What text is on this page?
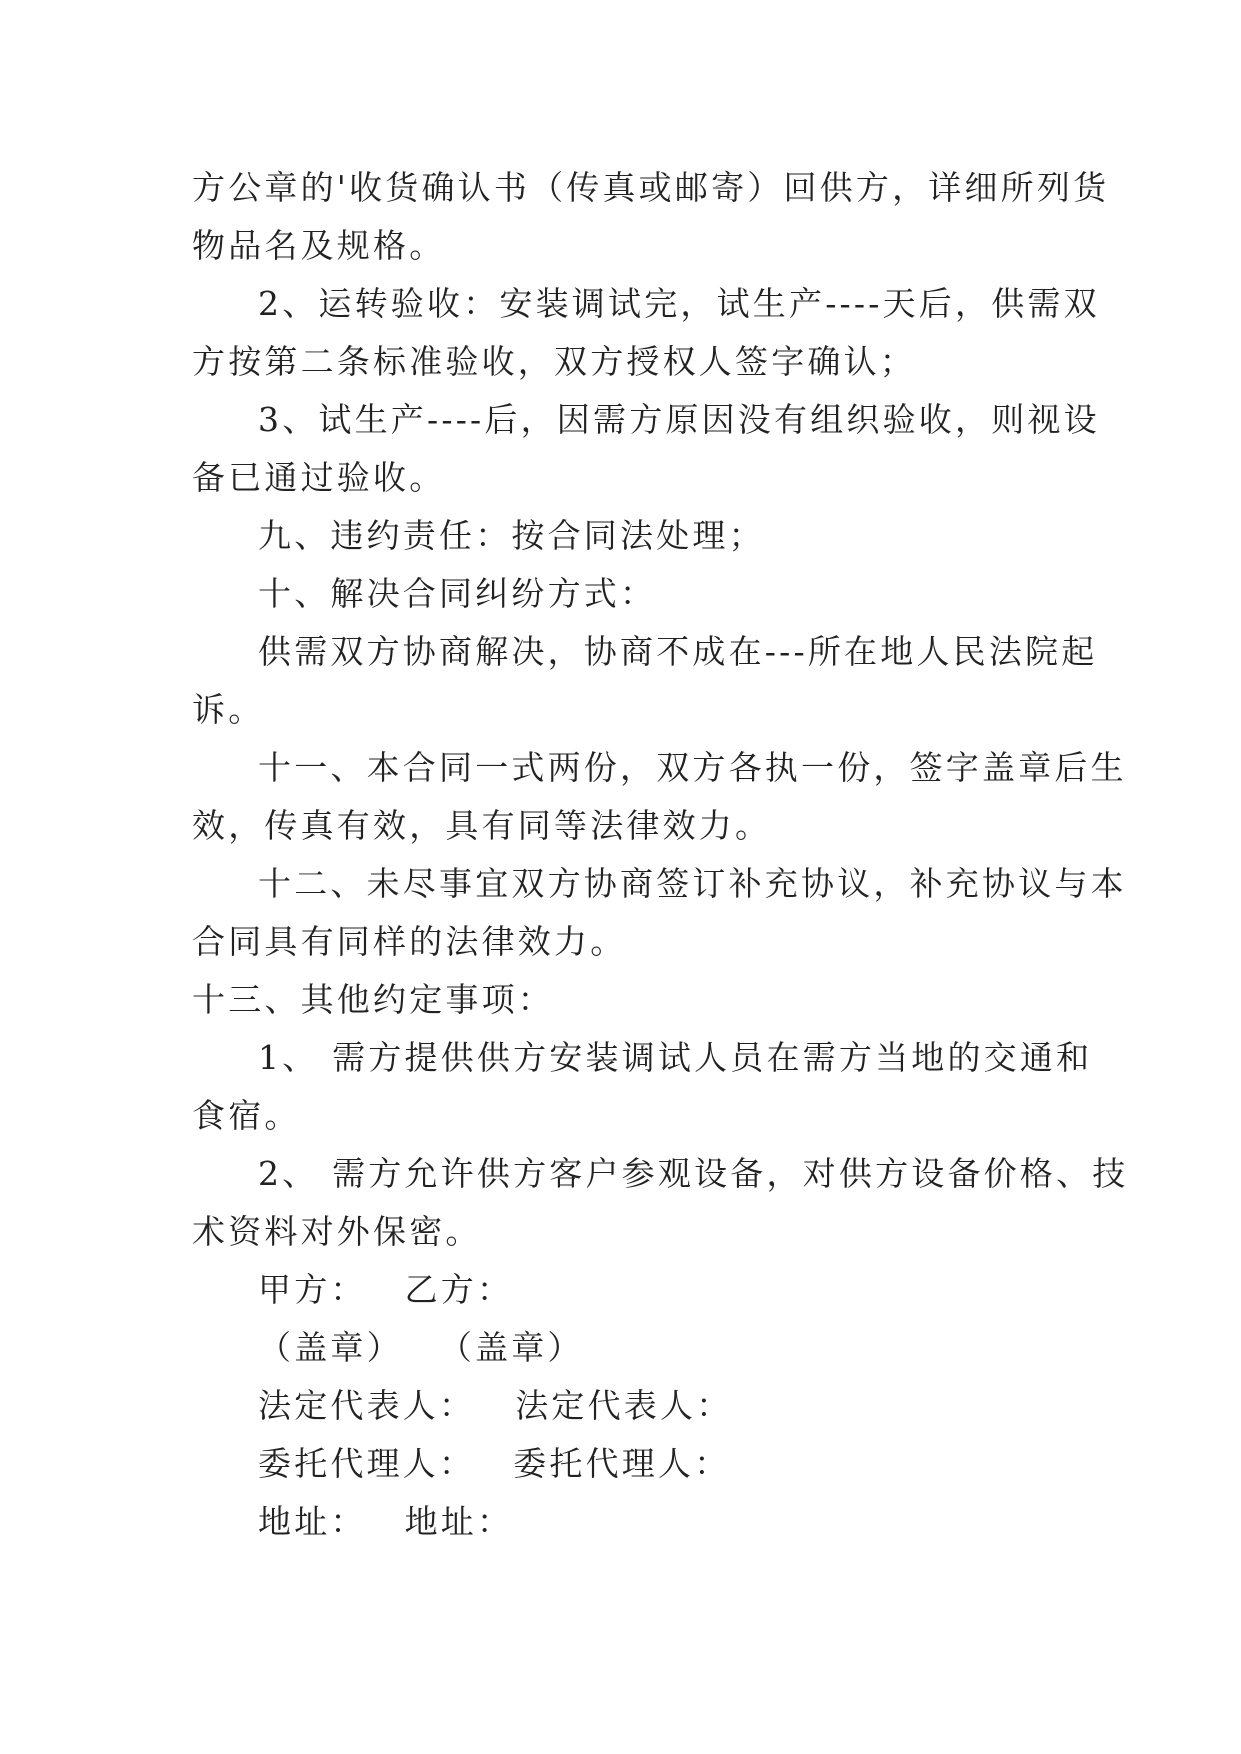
方公章的'收货确认书（传真或邮寄）回供方，详细所列货

物品名及规格。

2、运转验收：安装调试完，试生产----天后，供需双

方按第二条标准验收，双方授权人签字确认；

3、试生产----后，因需方原因没有组织验收，则视设

备已通过验收。

九、违约责任：按合同法处理；

十、解决合同纠纷方式：

供需双方协商解决，协商不成在---所在地人民法院起

诉。

十一、本合同一式两份，双方各执一份，签字盖章后生

效，传真有效，具有同等法律效力。

十二、未尽事宜双方协商签订补充协议，补充协议与本

合同具有同样的法律效力。

十三、其他约定事项：

1、 需方提供供方安装调试人员在需方当地的交通和

食宿。

2、 需方允许供方客户参观设备，对供方设备价格、技

术资料对外保密。

甲方： 乙方：
（盖章） （盖章）
法定代表人： 法定代表人：
委托代理人： 委托代理人：
地址： 地址：
